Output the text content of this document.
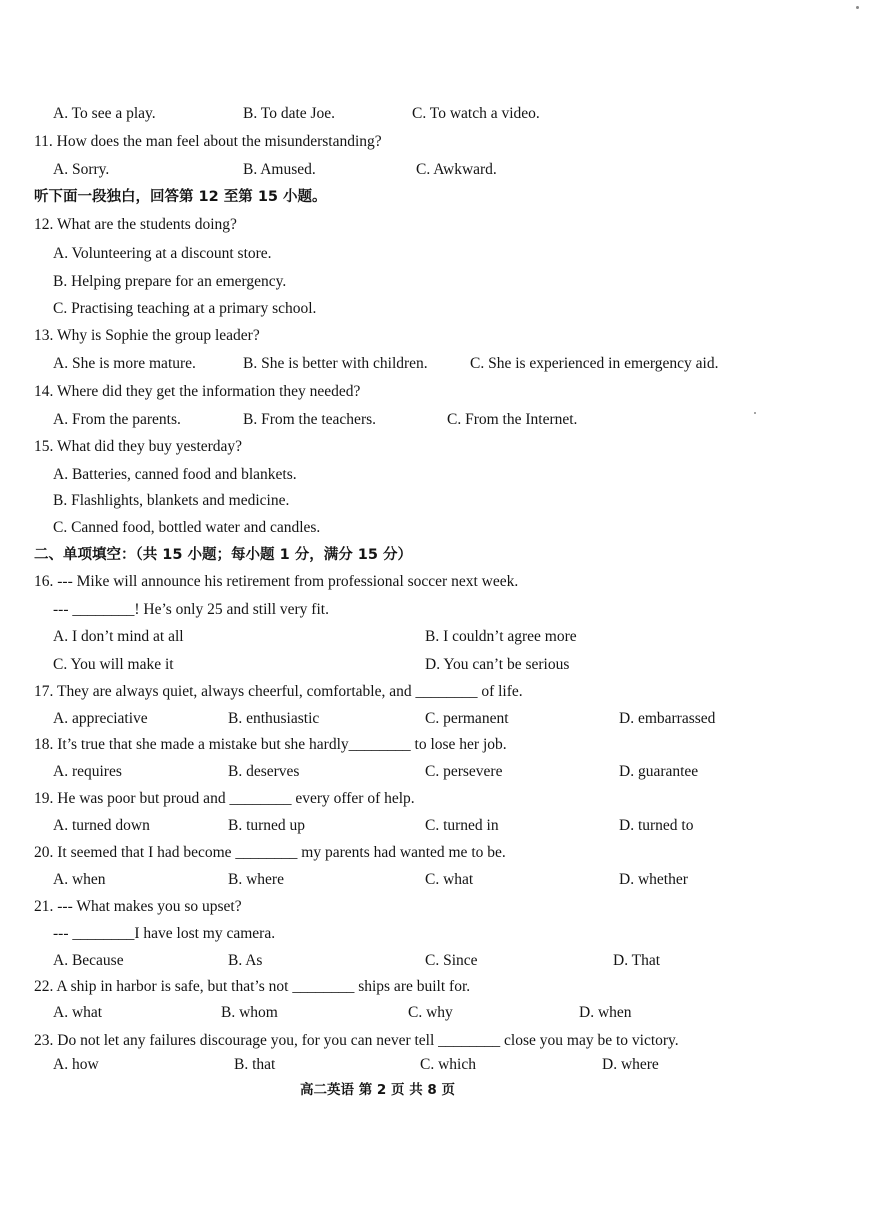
A. To see a play.	B. To date Joe.	C. To watch a video.
11. How does the man feel about the misunderstanding?
A. Sorry.	B. Amused.	C. Awkward.
听下面一段独白，回答第 12 至第 15 小题。
12. What are the students doing?
A. Volunteering at a discount store.
B. Helping prepare for an emergency.
C. Practising teaching at a primary school.
13. Why is Sophie the group leader?
A. She is more mature.	B. She is better with children.	C. She is experienced in emergency aid.
14. Where did they get the information they needed?
A. From the parents.	B. From the teachers.	C. From the Internet.
15. What did they buy yesterday?
A. Batteries, canned food and blankets.
B. Flashlights, blankets and medicine.
C. Canned food, bottled water and candles.
二、单项填空：（共 15 小题；每小题 1 分，满分 15 分）
16. --- Mike will announce his retirement from professional soccer next week.
--- ________! He’s only 25 and still very fit.
A. I don’t mind at all	B. I couldn’t agree more
C. You will make it	D. You can’t be serious
17. They are always quiet, always cheerful, comfortable, and ________ of life.
A. appreciative	B. enthusiastic	C. permanent	D. embarrassed
18. It’s true that she made a mistake but she hardly________ to lose her job.
A. requires	B. deserves	C. persevere	D. guarantee
19. He was poor but proud and ________ every offer of help.
A. turned down	B. turned up	C. turned in	D. turned to
20. It seemed that I had become ________ my parents had wanted me to be.
A. when	B. where	C. what	D. whether
21. --- What makes you so upset?
--- ________I have lost my camera.
A. Because	B. As	C. Since	D. That
22. A ship in harbor is safe, but that’s not ________ ships are built for.
A. what	B. whom	C. why	D. when
23. Do not let any failures discourage you, for you can never tell ________ close you may be to victory.
A. how	B. that	C. which	D. where
高二英语 第 2 页 共 8 页
